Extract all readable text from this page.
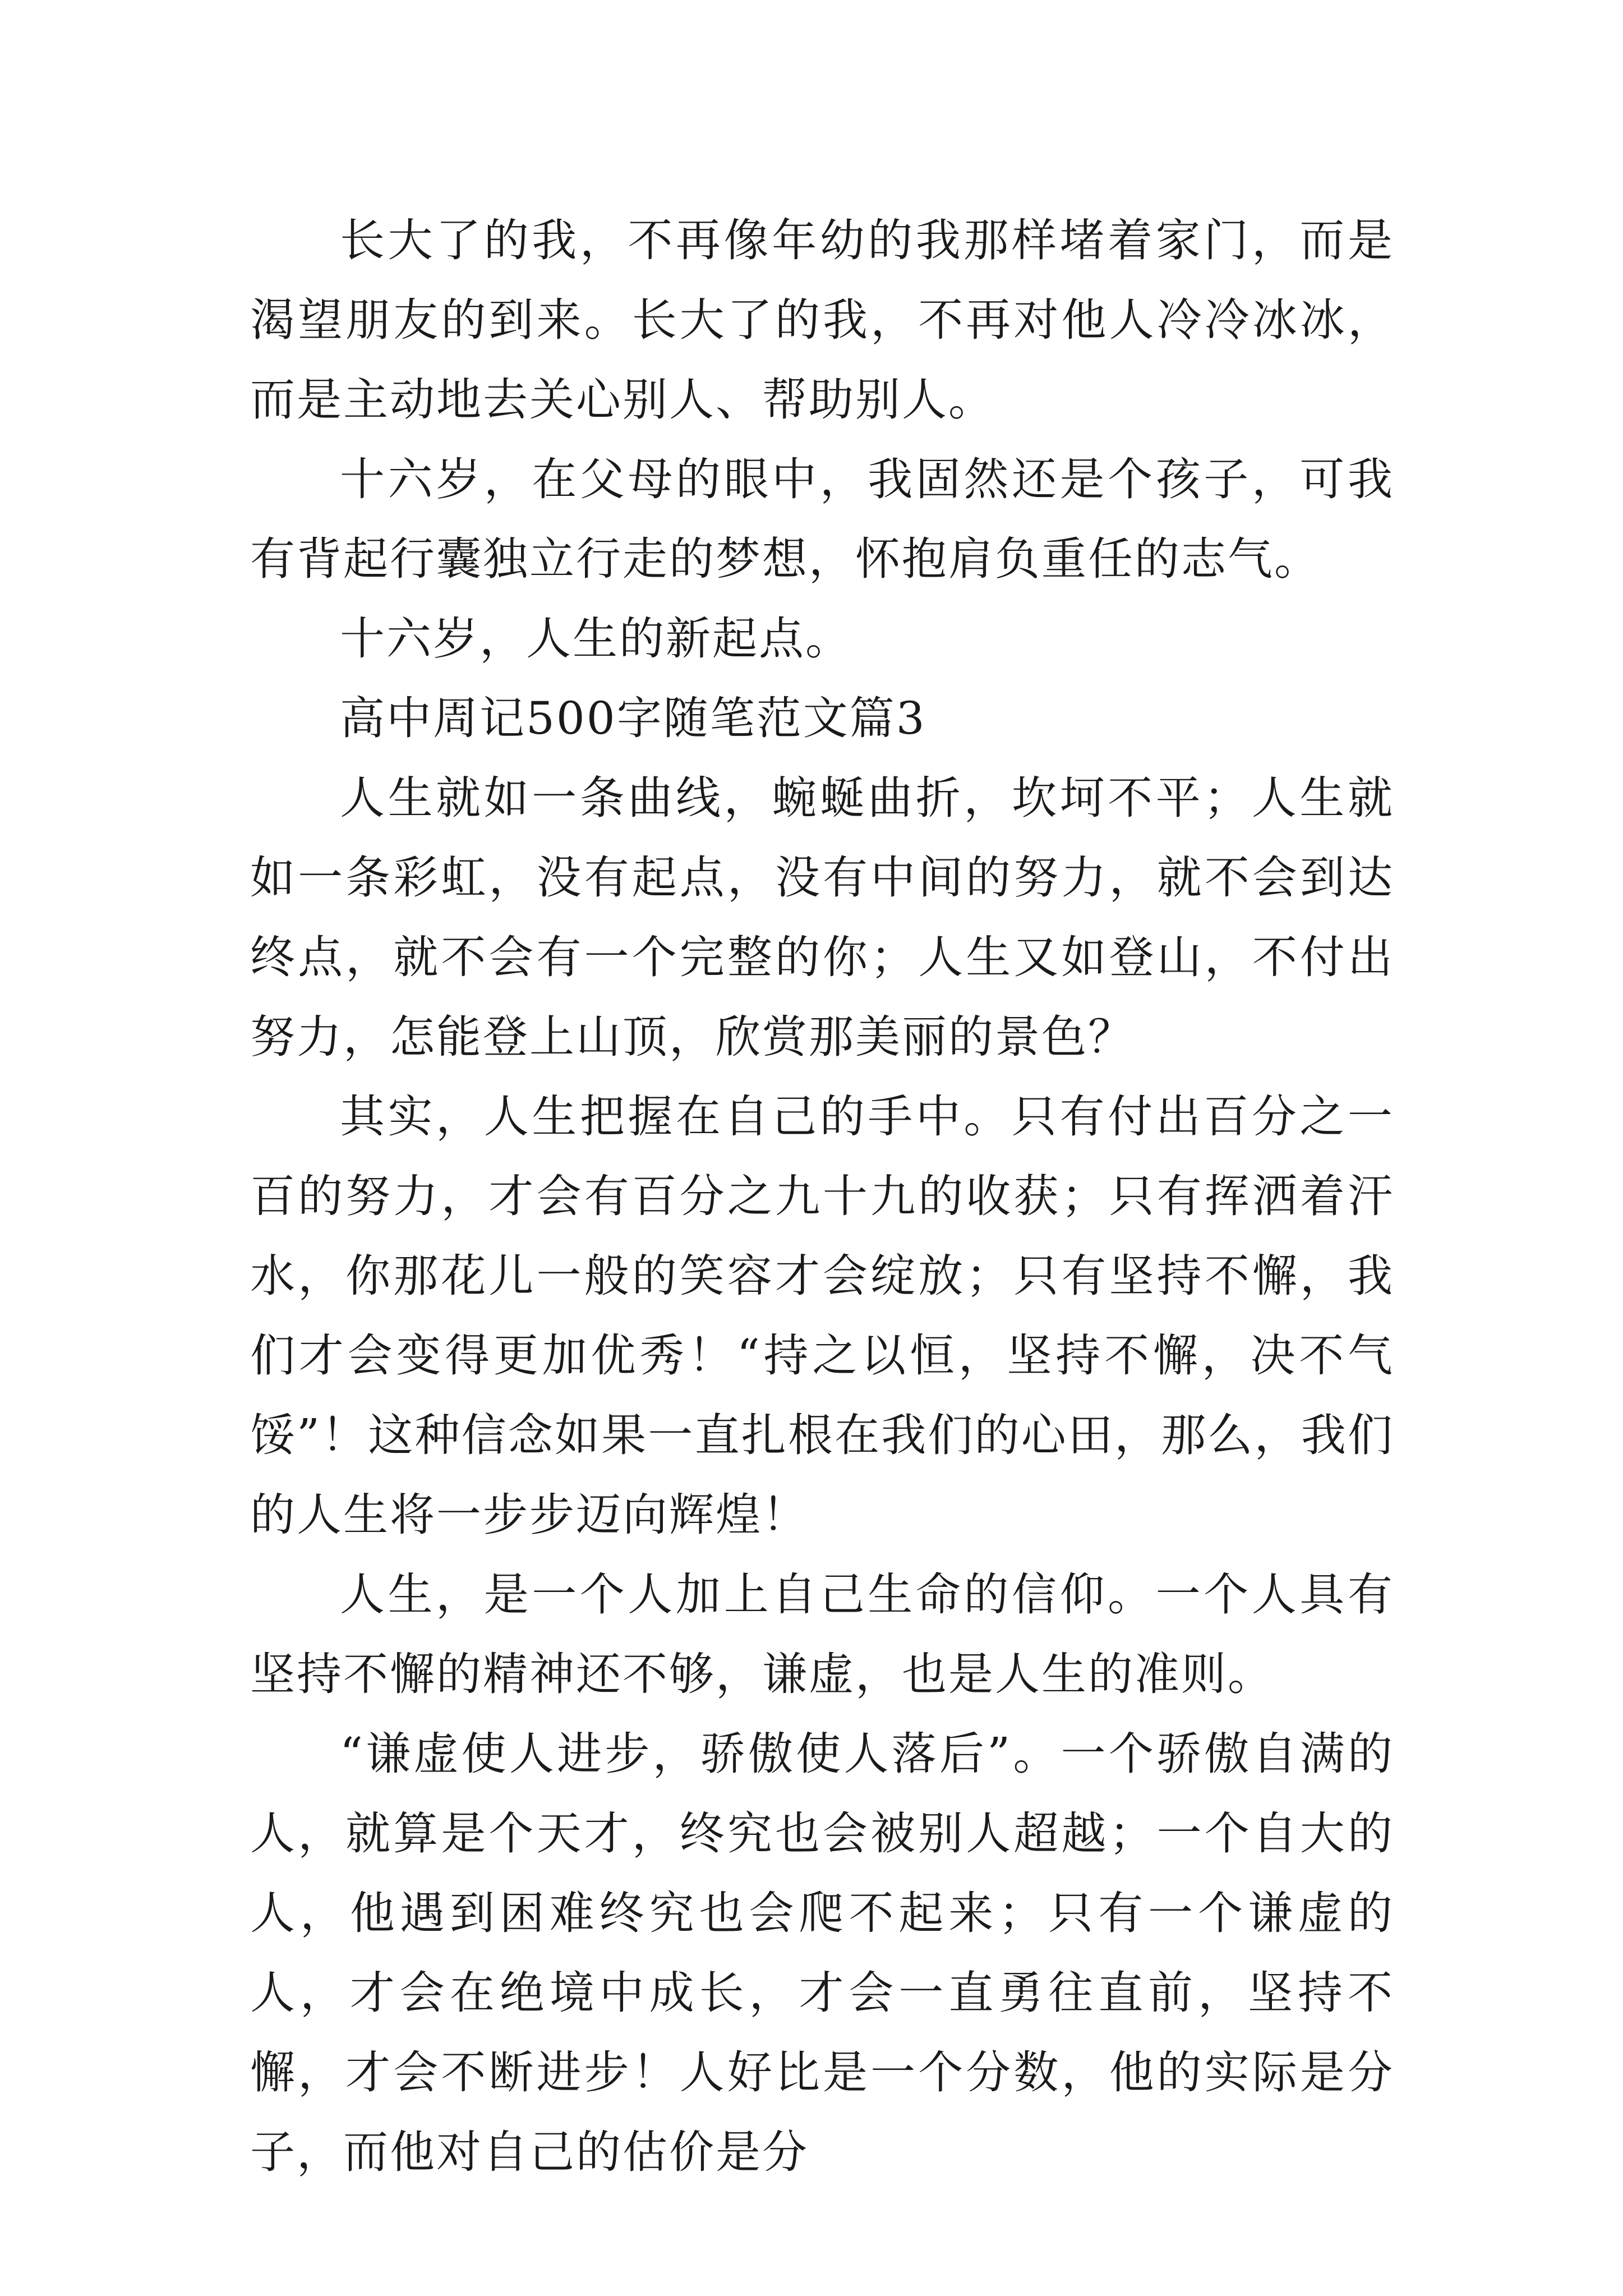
长大了的我，不再像年幼的我那样堵着家门，而是渴望朋友的到来。长大了的我，不再对他人冷冷冰冰，而是主动地去关心别人、帮助别人。

十六岁，在父母的眼中，我固然还是个孩子，可我有背起行囊独立行走的梦想，怀抱肩负重任的志气。

十六岁，人生的新起点。

高中周记500字随笔范文篇3

人生就如一条曲线，蜿蜒曲折，坎坷不平；人生就如一条彩虹，没有起点，没有中间的努力，就不会到达终点，就不会有一个完整的你；人生又如登山，不付出努力，怎能登上山顶，欣赏那美丽的景色？

其实，人生把握在自己的手中。只有付出百分之一百的努力，才会有百分之九十九的收获；只有挥洒着汗水，你那花儿一般的笑容才会绽放；只有坚持不懈，我们才会变得更加优秀！“持之以恒，坚持不懈，决不气馁”！这种信念如果一直扎根在我们的心田，那么，我们的人生将一步步迈向辉煌！

人生，是一个人加上自己生命的信仰。一个人具有坚持不懈的精神还不够，谦虚，也是人生的准则。

“谦虚使人进步，骄傲使人落后”。一个骄傲自满的人，就算是个天才，终究也会被别人超越；一个自大的人，他遇到困难终究也会爬不起来；只有一个谦虚的人，才会在绝境中成长，才会一直勇往直前，坚持不懈，才会不断进步！人好比是一个分数，他的实际是分子，而他对自己的估价是分
